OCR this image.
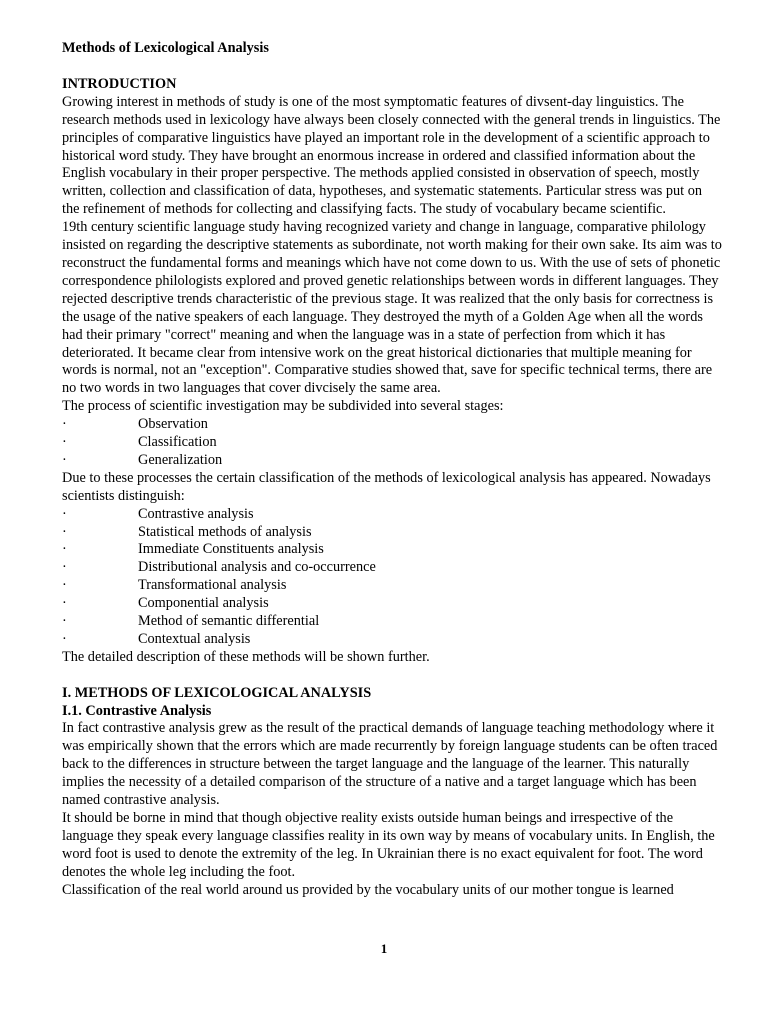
Methods of Lexicological Analysis

INTRODUCTION

Growing interest in methods of study is one of the most symptomatic features of divsent-day linguistics. The research methods used in lexicology have always been closely connected with the general trends in linguistics. The principles of comparative linguistics have played an important role in the development of a scientific approach to historical word study. They have brought an enormous increase in ordered and classified information about the English vocabulary in their proper perspective. The methods applied consisted in observation of speech, mostly written, collection and classification of data, hypotheses, and systematic statements. Particular stress was put on the refinement of methods for collecting and classifying facts. The study of vocabulary became scientific.

19th century scientific language study having recognized variety and change in language, comparative philology insisted on regarding the descriptive statements as subordinate, not worth making for their own sake. Its aim was to reconstruct the fundamental forms and meanings which have not come down to us. With the use of sets of phonetic correspondence philologists explored and proved genetic relationships between words in different languages. They rejected descriptive trends characteristic of the previous stage. It was realized that the only basis for correctness is the usage of the native speakers of each language. They destroyed the myth of a Golden Age when all the words had their primary "correct" meaning and when the language was in a state of perfection from which it has deteriorated. It became clear from intensive work on the great historical dictionaries that multiple meaning for words is normal, not an "exception". Comparative studies showed that, save for specific technical terms, there are no two words in two languages that cover divcisely the same area.

The process of scientific investigation may be subdivided into several stages:

·	Observation
·	Classification
·	Generalization

Due to these processes the certain classification of the methods of lexicological analysis has appeared. Nowadays scientists distinguish:

·	Contrastive analysis
·	Statistical methods of analysis
·	Immediate Constituents analysis
·	Distributional analysis and co-occurrence
·	Transformational analysis
·	Componential analysis
·	Method of semantic differential
·	Contextual analysis

The detailed description of these methods will be shown further.

I. METHODS OF LEXICOLOGICAL ANALYSIS

I.1. Contrastive Analysis

In fact contrastive analysis grew as the result of the practical demands of language teaching methodology where it was empirically shown that the errors which are made recurrently by foreign language students can be often traced back to the differences in structure between the target language and the language of the learner. This naturally implies the necessity of a detailed comparison of the structure of a native and a target language which has been named contrastive analysis.

It should be borne in mind that though objective reality exists outside human beings and irrespective of the language they speak every language classifies reality in its own way by means of vocabulary units. In English, the word foot is used to denote the extremity of the leg. In Ukrainian there is no exact equivalent for foot. The word denotes the whole leg including the foot.

Classification of the real world around us provided by the vocabulary units of our mother tongue is learned

1
